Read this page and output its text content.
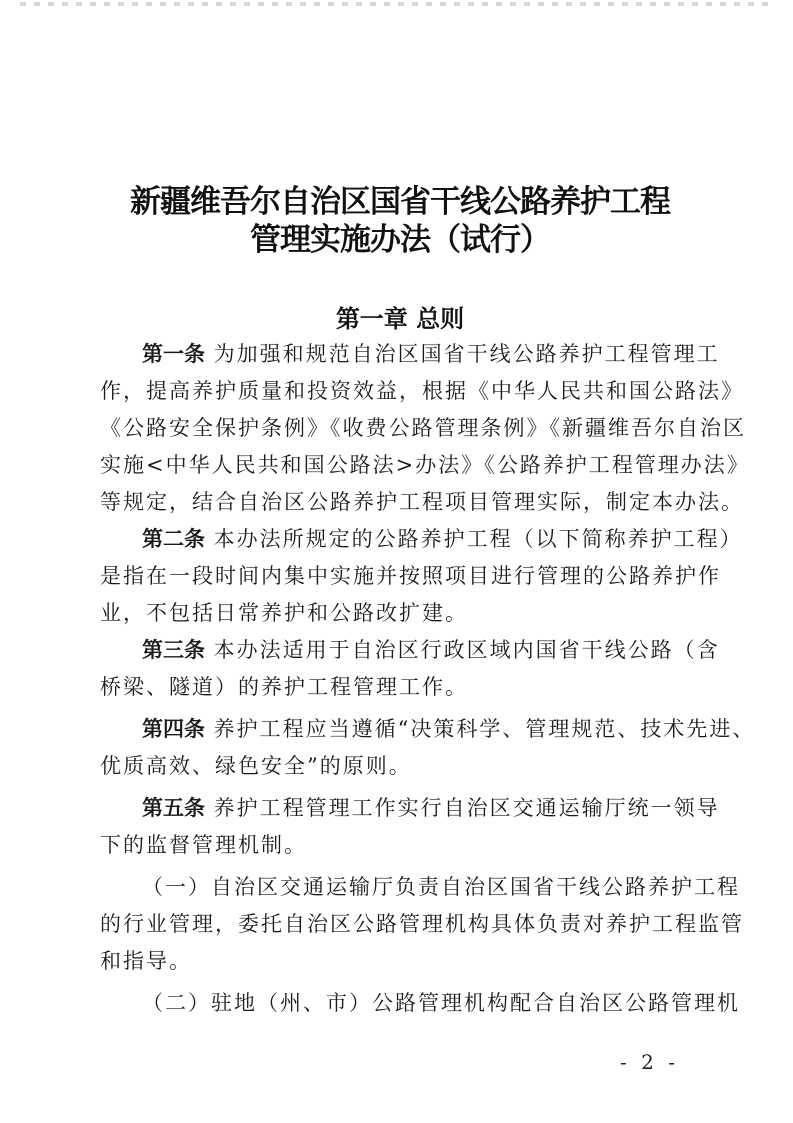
新疆维吾尔自治区国省干线公路养护工程
管理实施办法（试行）
第一章 总则
第一条 为加强和规范自治区国省干线公路养护工程管理工
作，提高养护质量和投资效益，根据《中华人民共和国公路法》
《公路安全保护条例》《收费公路管理条例》《新疆维吾尔自治区
实施<中华人民共和国公路法>办法》《公路养护工程管理办法》
等规定，结合自治区公路养护工程项目管理实际，制定本办法。
第二条 本办法所规定的公路养护工程（以下简称养护工程）
是指在一段时间内集中实施并按照项目进行管理的公路养护作
业，不包括日常养护和公路改扩建。
第三条 本办法适用于自治区行政区域内国省干线公路（含
桥梁、隧道）的养护工程管理工作。
第四条 养护工程应当遵循“决策科学、管理规范、技术先进、
优质高效、绿色安全”的原则。
第五条 养护工程管理工作实行自治区交通运输厅统一领导
下的监督管理机制。
（一）自治区交通运输厅负责自治区国省干线公路养护工程
的行业管理，委托自治区公路管理机构具体负责对养护工程监管
和指导。
（二）驻地（州、市）公路管理机构配合自治区公路管理机
- 2 -
